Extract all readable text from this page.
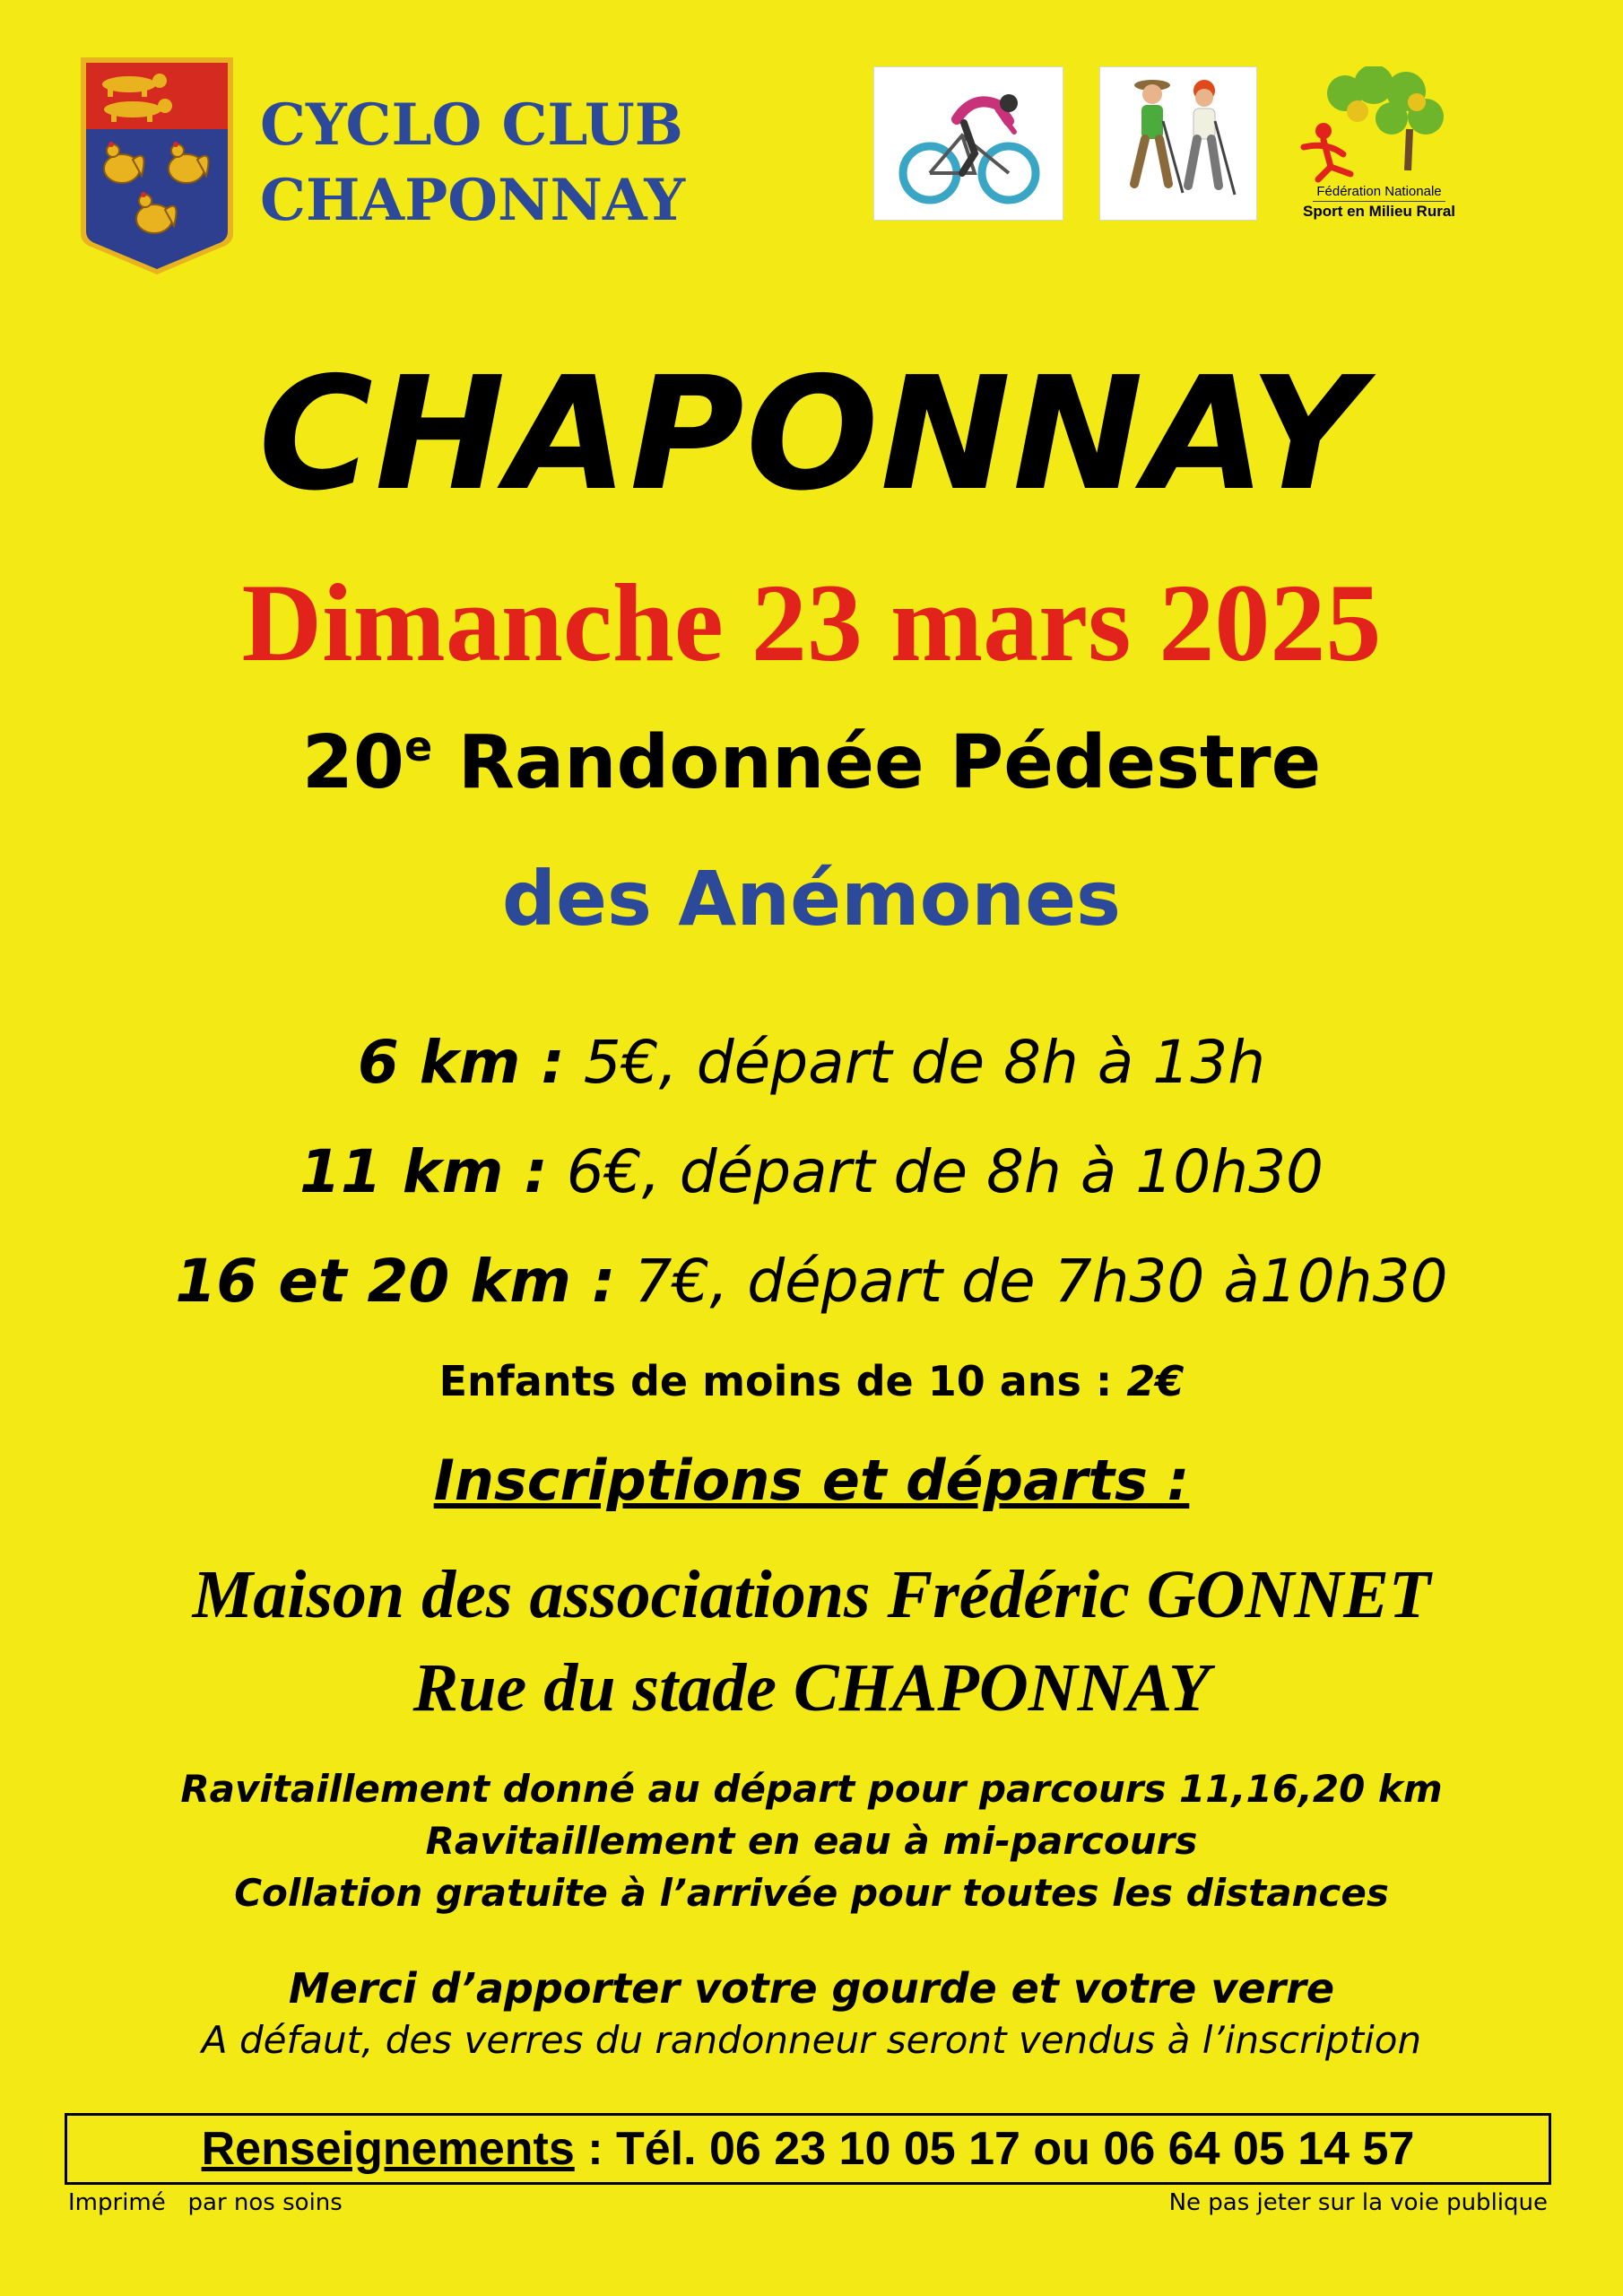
CYCLO CLUB
CHAPONNAY	Fédération Nationale
Sport en Milieu Rural
CHAPONNAY
Dimanche 23 mars 2025
20e Randonnée Pédestre
des Anémones
6 km : 5€, départ de 8h à 13h
11 km : 6€, départ de 8h à 10h30
16 et 20 km : 7€, départ de 7h30 à10h30
Enfants de moins de 10 ans : 2€
Inscriptions et départs :
Maison des associations Frédéric GONNET
Rue du stade CHAPONNAY
Ravitaillement donné au départ pour parcours 11,16,20 km
Ravitaillement en eau à mi-parcours
Collation gratuite à l’arrivée pour toutes les distances
Merci d’apporter votre gourde et votre verre
A défaut, des verres du randonneur seront vendus à l’inscription
Renseignements : Tél. 06 23 10 05 17 ou 06 64 05 14 57
Imprimé   par nos soins	Ne pas jeter sur la voie publique
